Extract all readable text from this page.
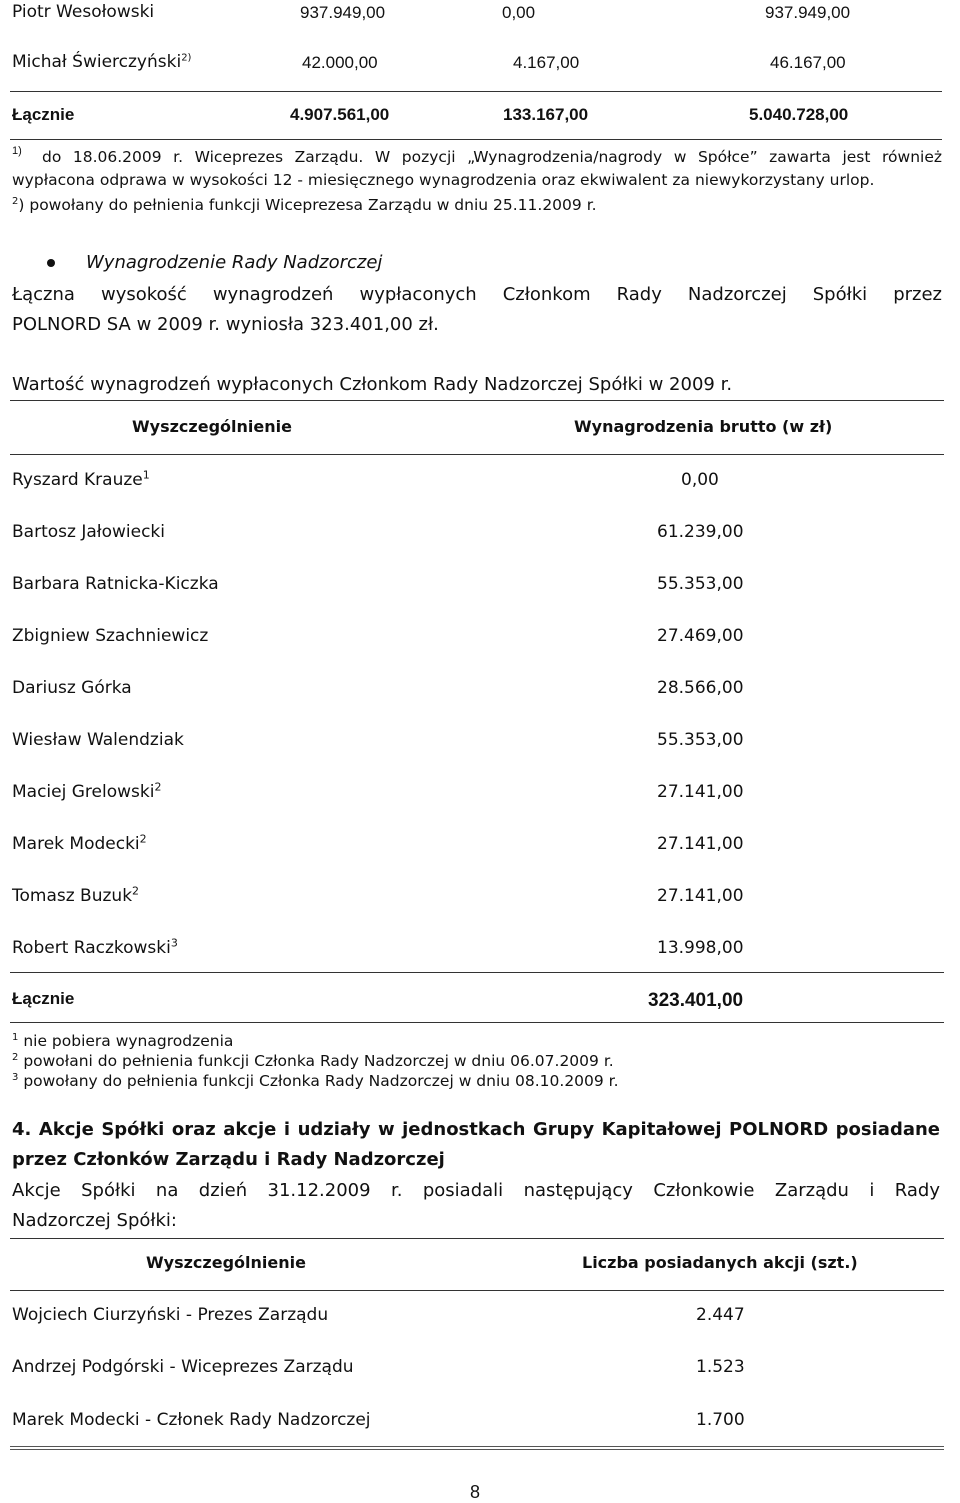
Piotr Wesołowski	937.949,00	0,00	937.949,00
Michał Świerczyński$^{2)}$	42.000,00	4.167,00	46.167,00
Łącznie	4.907.561,00	133.167,00	5.040.728,00
1) do 18.06.2009 r. Wiceprezes Zarządu. W pozycji „Wynagrodzenia/nagrody w Spółce” zawarta jest również
wypłacona odprawa w wysokości 12 - miesięcznego wynagrodzenia oraz ekwiwalent za niewykorzystany urlop.
$^2$) powołany do pełnienia funkcji Wiceprezesa Zarządu w dniu 25.11.2009 r.
Wynagrodzenie Rady Nadzorczej
Łączna wysokość wynagrodzeń wypłaconych Członkom Rady Nadzorczej Spółki przez
POLNORD SA w 2009 r. wyniosła 323.401,00 zł.
Wartość wynagrodzeń wypłaconych Członkom Rady Nadzorczej Spółki w 2009 r.
Wyszczególnienie	Wynagrodzenia brutto (w zł)
Ryszard Krauze$^1$	0,00
Bartosz Jałowiecki	61.239,00
Barbara Ratnicka-Kiczka	55.353,00
Zbigniew Szachniewicz	27.469,00
Dariusz Górka	28.566,00
Wiesław Walendziak	55.353,00
Maciej Grelowski$^2$	27.141,00
Marek Modecki$^2$	27.141,00
Tomasz Buzuk$^2$	27.141,00
Robert Raczkowski$^3$	13.998,00
Łącznie	323.401,00
$^1$ nie pobiera wynagrodzenia
$^2$ powołani do pełnienia funkcji Członka Rady Nadzorczej w dniu 06.07.2009 r.
$^3$ powołany do pełnienia funkcji Członka Rady Nadzorczej w dniu 08.10.2009 r.
4. Akcje Spółki oraz akcje i udziały w jednostkach Grupy Kapitałowej POLNORD posiadane
przez Członków Zarządu i Rady Nadzorczej
Akcje Spółki na dzień 31.12.2009 r. posiadali następujący Członkowie Zarządu i Rady
Nadzorczej Spółki:
Wyszczególnienie	Liczba posiadanych akcji (szt.)
Wojciech Ciurzyński - Prezes Zarządu	2.447
Andrzej Podgórski - Wiceprezes Zarządu	1.523
Marek Modecki - Członek Rady Nadzorczej	1.700
8
